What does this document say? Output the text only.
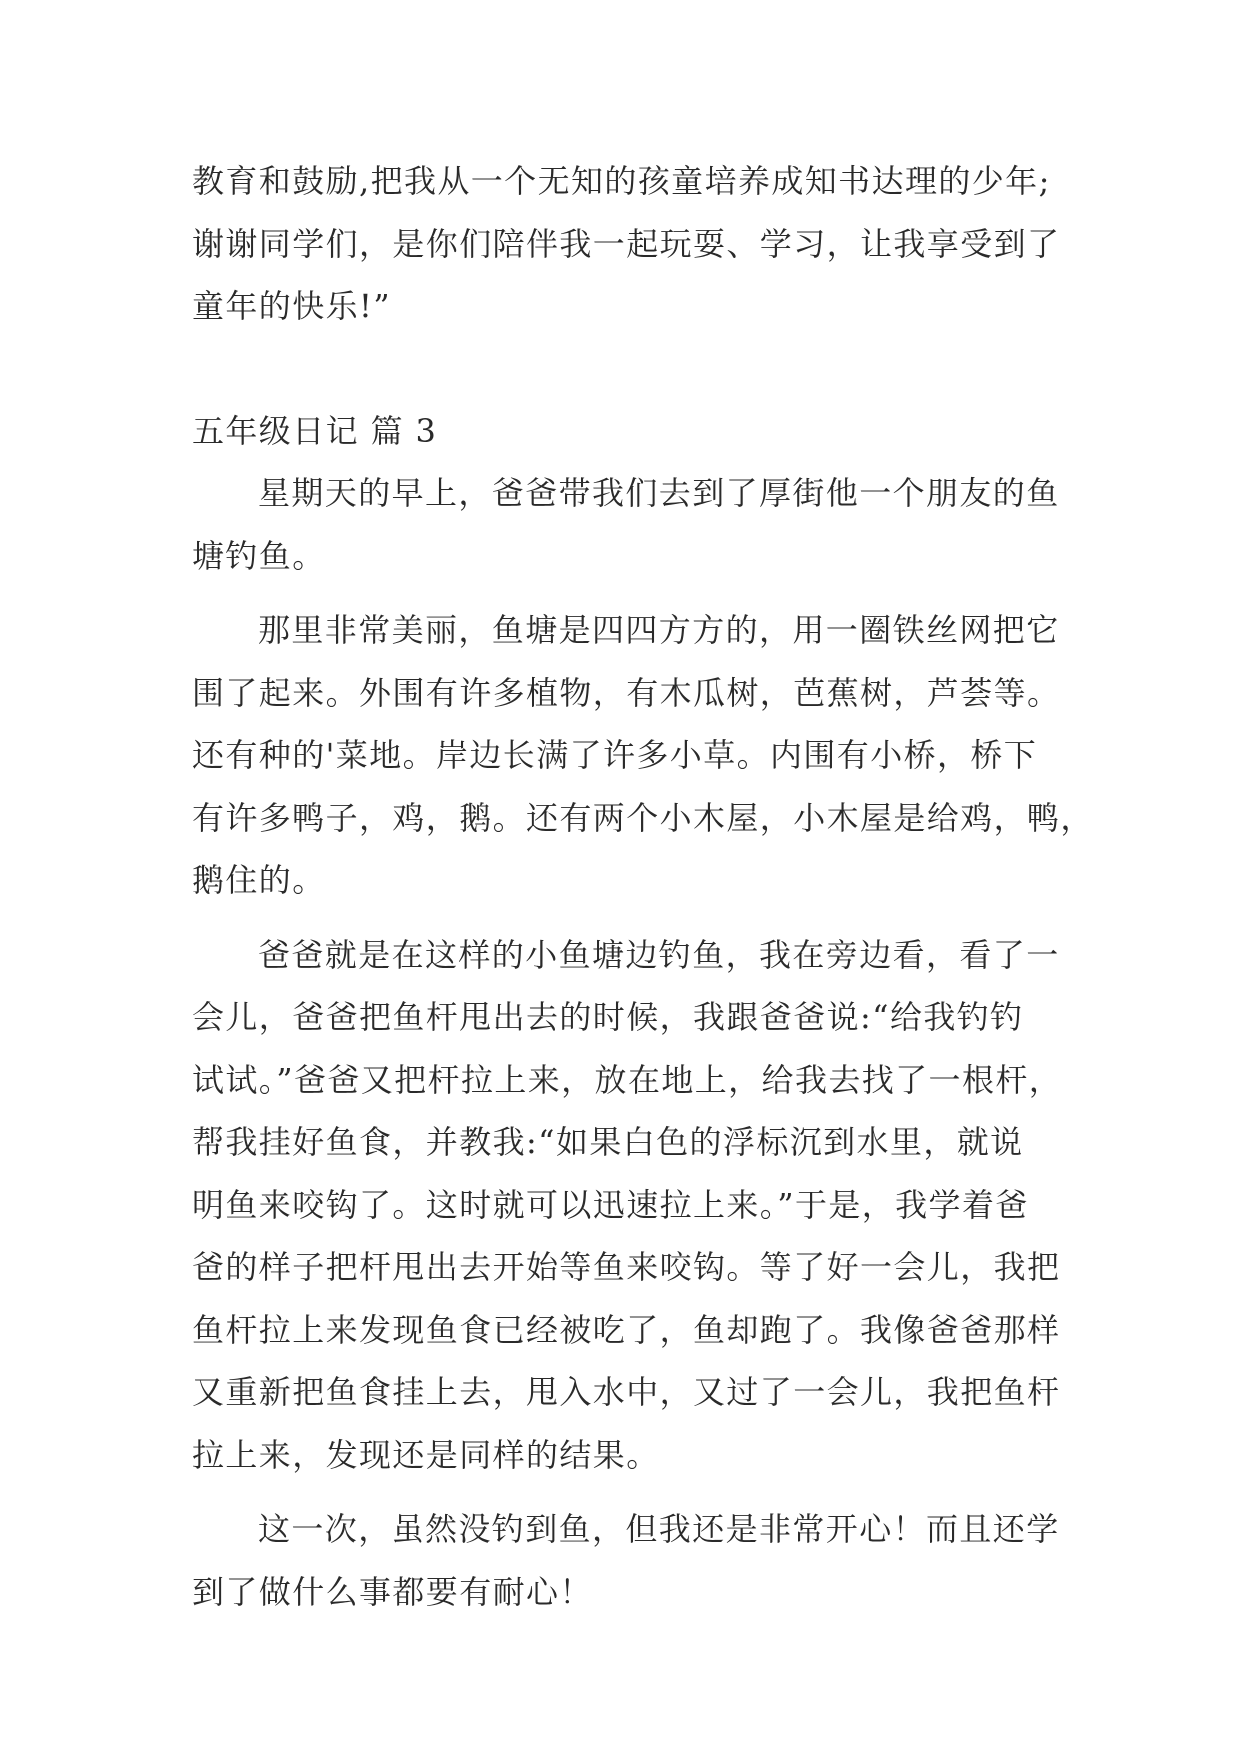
教育和鼓励,把我从一个无知的孩童培养成知书达理的少年;
谢谢同学们，是你们陪伴我一起玩耍、学习，让我享受到了
童年的快乐!”
五年级日记 篇 3
星期天的早上，爸爸带我们去到了厚街他一个朋友的鱼
塘钓鱼。
那里非常美丽，鱼塘是四四方方的，用一圈铁丝网把它
围了起来。外围有许多植物，有木瓜树，芭蕉树，芦荟等。
还有种的'菜地。岸边长满了许多小草。内围有小桥，桥下
有许多鸭子，鸡，鹅。还有两个小木屋，小木屋是给鸡，鸭，
鹅住的。
爸爸就是在这样的小鱼塘边钓鱼，我在旁边看，看了一
会儿，爸爸把鱼杆甩出去的时候，我跟爸爸说:“给我钓钓
试试。”爸爸又把杆拉上来，放在地上，给我去找了一根杆，
帮我挂好鱼食，并教我:“如果白色的浮标沉到水里，就说
明鱼来咬钩了。这时就可以迅速拉上来。”于是，我学着爸
爸的样子把杆甩出去开始等鱼来咬钩。等了好一会儿，我把
鱼杆拉上来发现鱼食已经被吃了，鱼却跑了。我像爸爸那样
又重新把鱼食挂上去，甩入水中，又过了一会儿，我把鱼杆
拉上来，发现还是同样的结果。
这一次，虽然没钓到鱼，但我还是非常开心！而且还学
到了做什么事都要有耐心！
